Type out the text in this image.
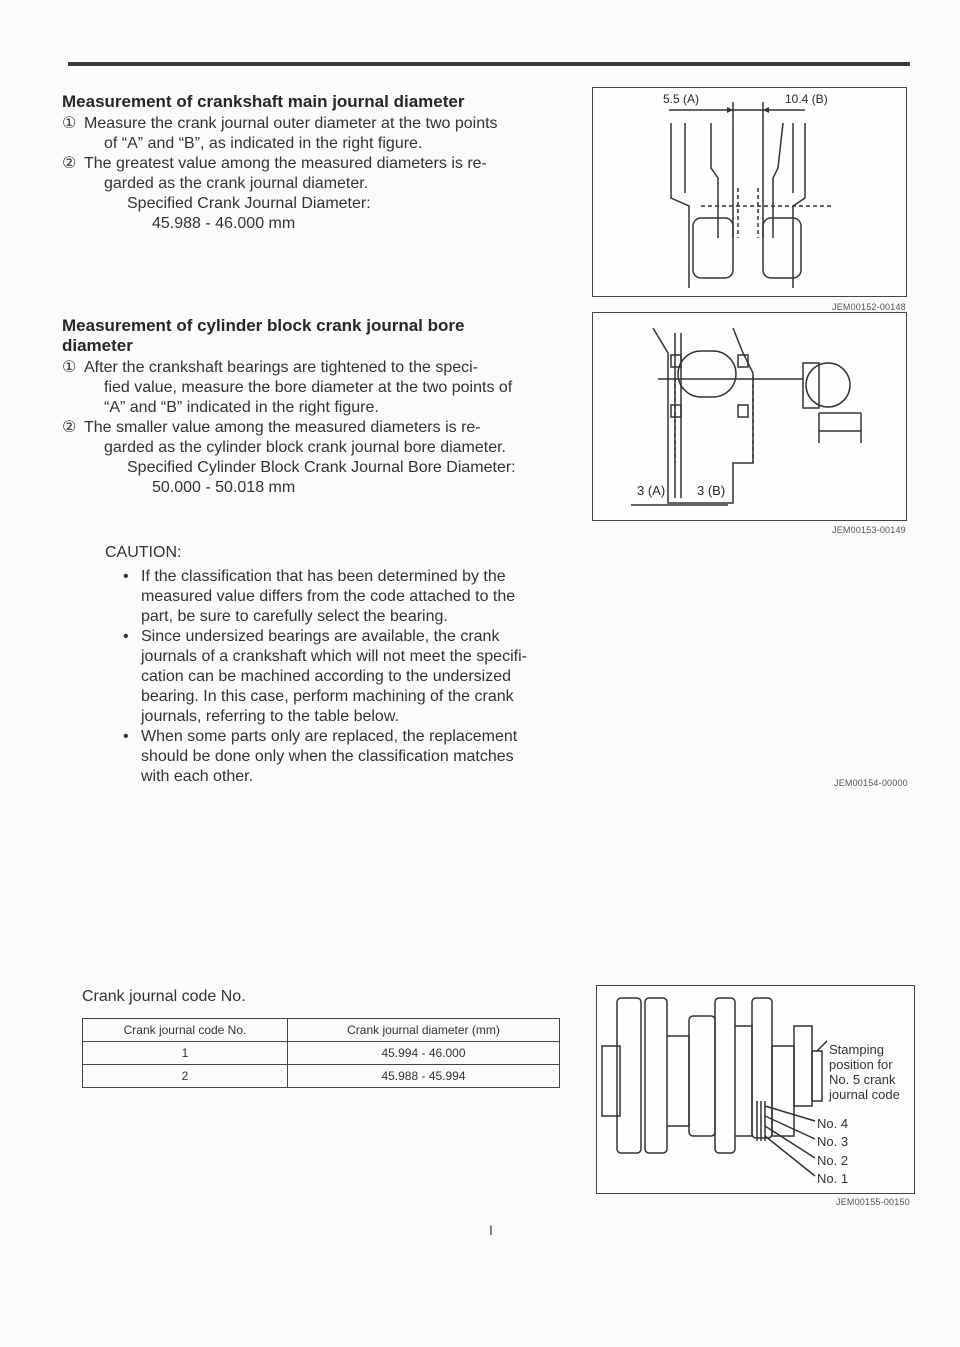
Measurement of crankshaft main journal diameter
① Measure the crank journal outer diameter at the two points
of “A” and “B”, as indicated in the right figure.
② The greatest value among the measured diameters is re-
garded as the crank journal diameter.
Specified Crank Journal Diameter:
45.988 - 46.000 mm
5.5 (A)	10.4 (B)
JEM00152-00148
Measurement of cylinder block crank journal bore
diameter
① After the crankshaft bearings are tightened to the speci-
fied value, measure the bore diameter at the two points of
“A” and “B” indicated in the right figure.
② The smaller value among the measured diameters is re-
garded as the cylinder block crank journal bore diameter.
Specified Cylinder Block Crank Journal Bore Diameter:
50.000 - 50.018 mm	3 (A) 3 (B)
JEM00153-00149
CAUTION:
• If the classification that has been determined by the
measured value differs from the code attached to the
part, be sure to carefully select the bearing.
• Since undersized bearings are available, the crank
journals of a crankshaft which will not meet the specifi-
cation can be machined according to the undersized
bearing. In this case, perform machining of the crank
journals, referring to the table below.
• When some parts only are replaced, the replacement
should be done only when the classification matches
with each other.	JEM00154-00000
Crank journal code No.
Crank journal code No.	Crank journal diameter (mm)
1	45.994 - 46.000
2	45.988 - 45.994
Stamping
position for
No. 5 crank
journal code
No. 4
No. 3
No. 2
No. 1
JEM00155-00150
I
